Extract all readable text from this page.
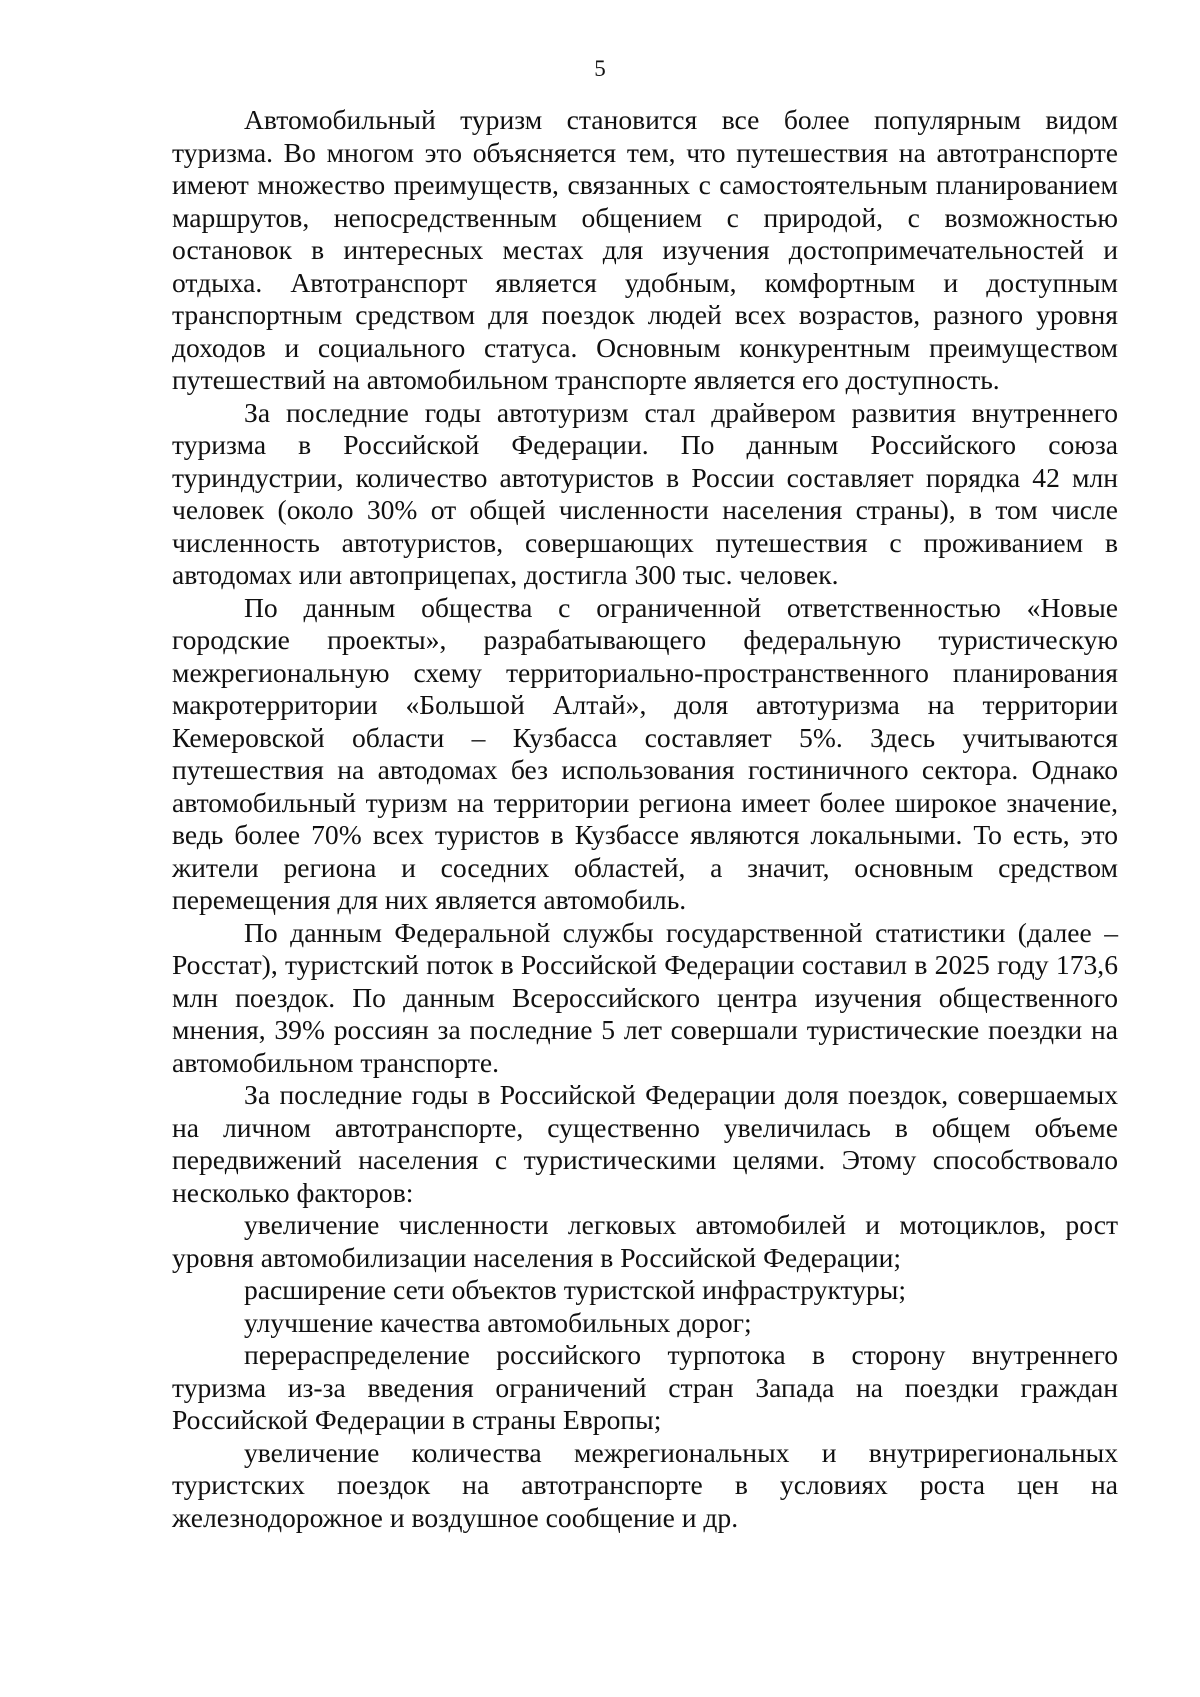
5

Автомобильный туризм становится все более популярным видом туризма. Во многом это объясняется тем, что путешествия на автотранспорте имеют множество преимуществ, связанных с самостоятельным планированием маршрутов, непосредственным общением с природой, с возможностью остановок в интересных местах для изучения достопримечательностей и отдыха. Автотранспорт является удобным, комфортным и доступным транспортным средством для поездок людей всех возрастов, разного уровня доходов и социального статуса. Основным конкурентным преимуществом путешествий на автомобильном транспорте является его доступность.

За последние годы автотуризм стал драйвером развития внутреннего туризма в Российской Федерации. По данным Российского союза туриндустрии, количество автотуристов в России составляет порядка 42 млн человек (около 30% от общей численности населения страны), в том числе численность автотуристов, совершающих путешествия с проживанием в автодомах или автоприцепах, достигла 300 тыс. человек.

По данным общества с ограниченной ответственностью «Новые городские проекты», разрабатывающего федеральную туристическую межрегиональную схему территориально-пространственного планирования макротерритории «Большой Алтай», доля автотуризма на территории Кемеровской области – Кузбасса составляет 5%. Здесь учитываются путешествия на автодомах без использования гостиничного сектора. Однако автомобильный туризм на территории региона имеет более широкое значение, ведь более 70% всех туристов в Кузбассе являются локальными. То есть, это жители региона и соседних областей, а значит, основным средством перемещения для них является автомобиль.

По данным Федеральной службы государственной статистики (далее – Росстат), туристский поток в Российской Федерации составил в 2025 году 173,6 млн поездок. По данным Всероссийского центра изучения общественного мнения, 39% россиян за последние 5 лет совершали туристические поездки на автомобильном транспорте.

За последние годы в Российской Федерации доля поездок, совершаемых на личном автотранспорте, существенно увеличилась в общем объеме передвижений населения с туристическими целями. Этому способствовало несколько факторов:

увеличение численности легковых автомобилей и мотоциклов, рост уровня автомобилизации населения в Российской Федерации;

расширение сети объектов туристской инфраструктуры;

улучшение качества автомобильных дорог;

перераспределение российского турпотока в сторону внутреннего туризма из-за введения ограничений стран Запада на поездки граждан Российской Федерации в страны Европы;

увеличение количества межрегиональных и внутрирегиональных туристских поездок на автотранспорте в условиях роста цен на железнодорожное и воздушное сообщение и др.
